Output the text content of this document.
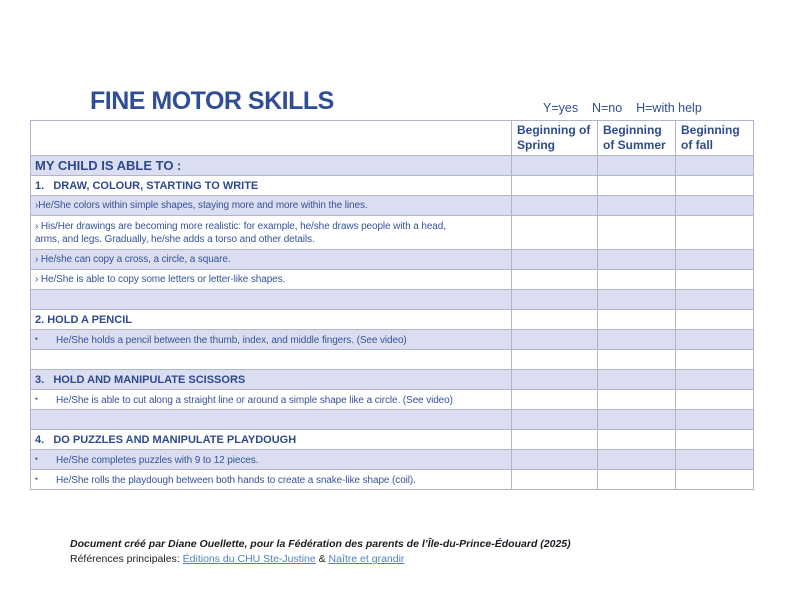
FINE MOTOR SKILLS	Y=yes    N=no    H=with help
	Beginning of Spring	Beginning of Summer	Beginning of fall
MY CHILD IS ABLE TO :			
1.   DRAW, COLOUR, STARTING TO WRITE			
›He/She colors within simple shapes, staying more and more within the lines.			
› His/Her drawings are becoming more realistic: for example, he/she draws people with a head, arms, and legs. Gradually, he/she adds a torso and other details.			
› He/she can copy a cross, a circle, a square.			
› He/She is able to copy some letters or letter-like shapes.			

2. HOLD A PENCIL			
▪ He/She holds a pencil between the thumb, index, and middle fingers. (See video)			

3.   HOLD AND MANIPULATE SCISSORS			
▪ He/She is able to cut along a straight line or around a simple shape like a circle. (See video)			

4.   DO PUZZLES AND MANIPULATE PLAYDOUGH			
▪ He/She completes puzzles with 9 to 12 pieces.			
▪ He/She rolls the playdough between both hands to create a snake-like shape (coil).			
Document créé par Diane Ouellette, pour la Fédération des parents de l’Île-du-Prince-Édouard (2025)
Références principales: Éditions du CHU Ste-Justine & Naître et grandir
